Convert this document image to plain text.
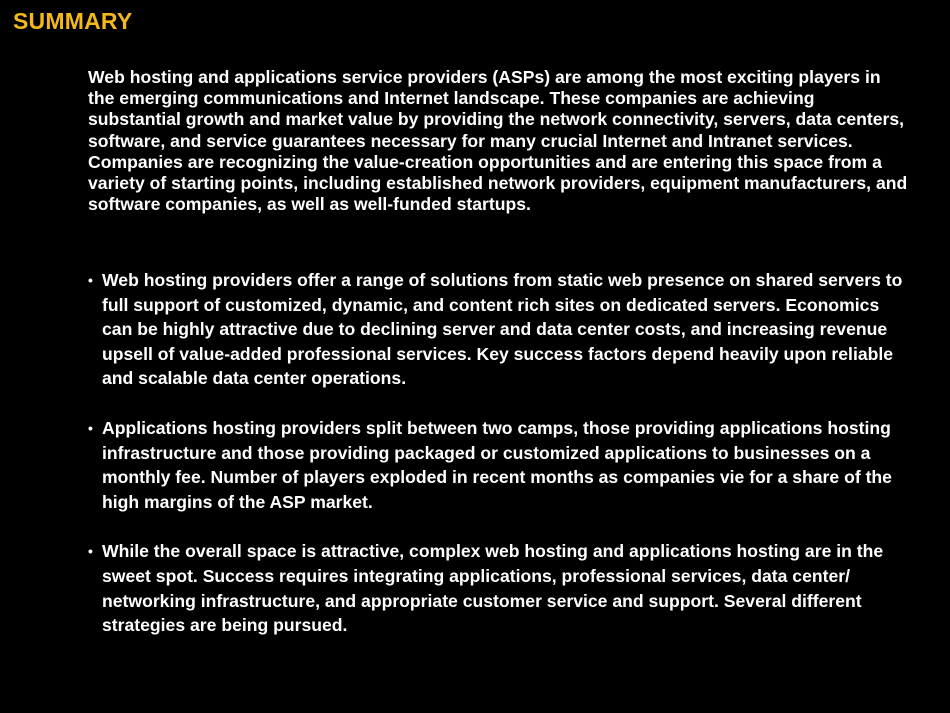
SUMMARY

Web hosting and applications service providers (ASPs) are among the most exciting players in the emerging communications and Internet landscape. These companies are achieving substantial growth and market value by providing the network connectivity, servers, data centers, software, and service guarantees necessary for many crucial Internet and Intranet services. Companies are recognizing the value-creation opportunities and are entering this space from a variety of starting points, including established network providers, equipment manufacturers, and software companies, as well as well-funded startups.

• Web hosting providers offer a range of solutions from static web presence on shared servers to full support of customized, dynamic, and content rich sites on dedicated servers. Economics can be highly attractive due to declining server and data center costs, and increasing revenue upsell of value-added professional services. Key success factors depend heavily upon reliable and scalable data center operations.
• Applications hosting providers split between two camps, those providing applications hosting infrastructure and those providing packaged or customized applications to businesses on a monthly fee. Number of players exploded in recent months as companies vie for a share of the high margins of the ASP market.
• While the overall space is attractive, complex web hosting and applications hosting are in the sweet spot. Success requires integrating applications, professional services, data center/ networking infrastructure, and appropriate customer service and support. Several different strategies are being pursued.
